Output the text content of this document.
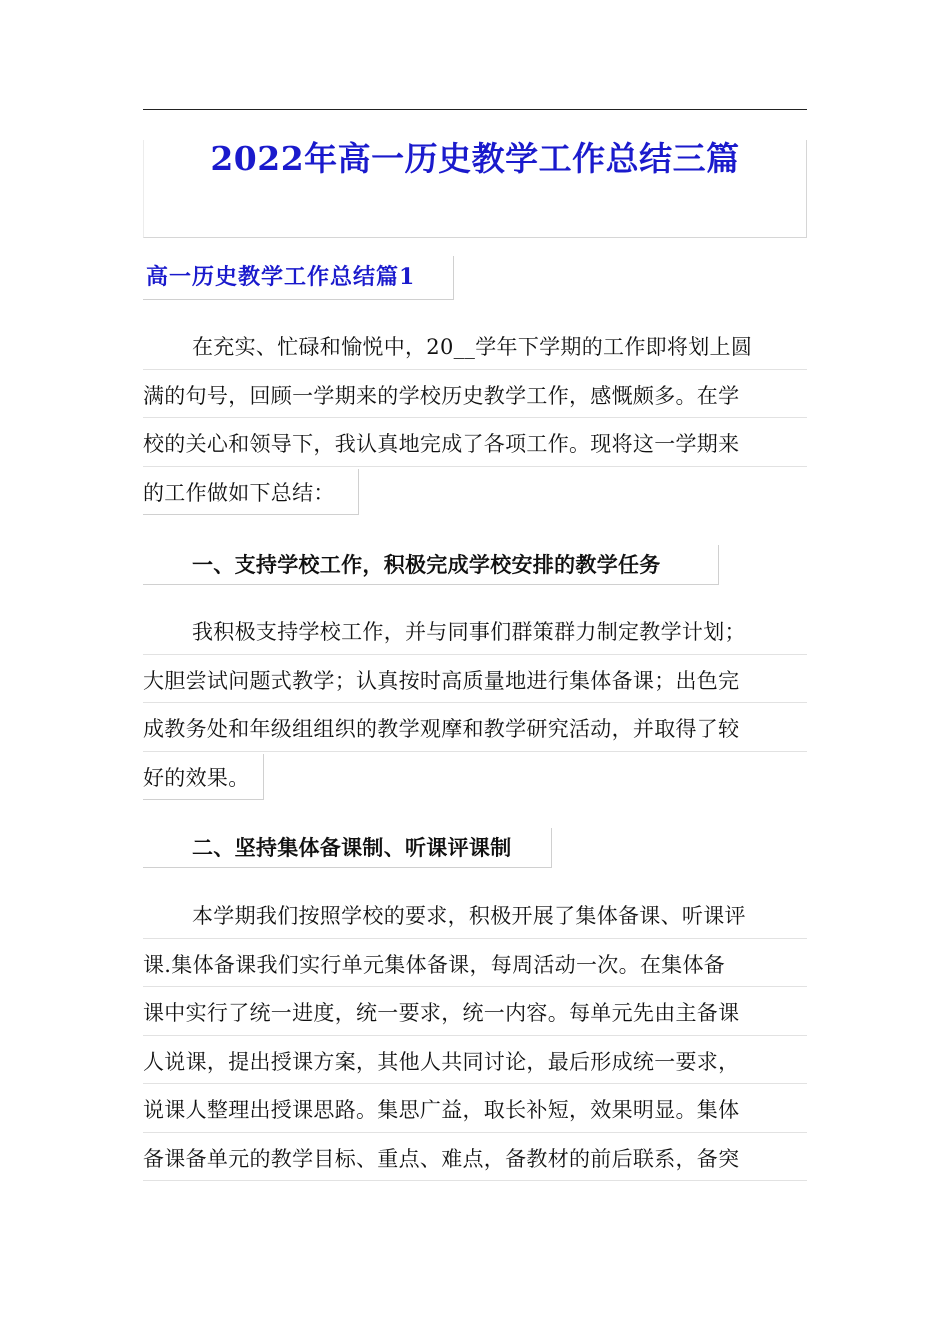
2022年高一历史教学工作总结三篇
高一历史教学工作总结篇1
在充实、忙碌和愉悦中，20__学年下学期的工作即将划上圆
满的句号，回顾一学期来的学校历史教学工作，感慨颇多。在学
校的关心和领导下，我认真地完成了各项工作。现将这一学期来
的工作做如下总结：
一、支持学校工作，积极完成学校安排的教学任务
我积极支持学校工作，并与同事们群策群力制定教学计划；
大胆尝试问题式教学；认真按时高质量地进行集体备课；出色完
成教务处和年级组组织的教学观摩和教学研究活动，并取得了较
好的效果。
二、坚持集体备课制、听课评课制
本学期我们按照学校的要求，积极开展了集体备课、听课评
课.集体备课我们实行单元集体备课，每周活动一次。在集体备
课中实行了统一进度，统一要求，统一内容。每单元先由主备课
人说课，提出授课方案，其他人共同讨论，最后形成统一要求，
说课人整理出授课思路。集思广益，取长补短，效果明显。集体
备课备单元的教学目标、重点、难点，备教材的前后联系，备突
